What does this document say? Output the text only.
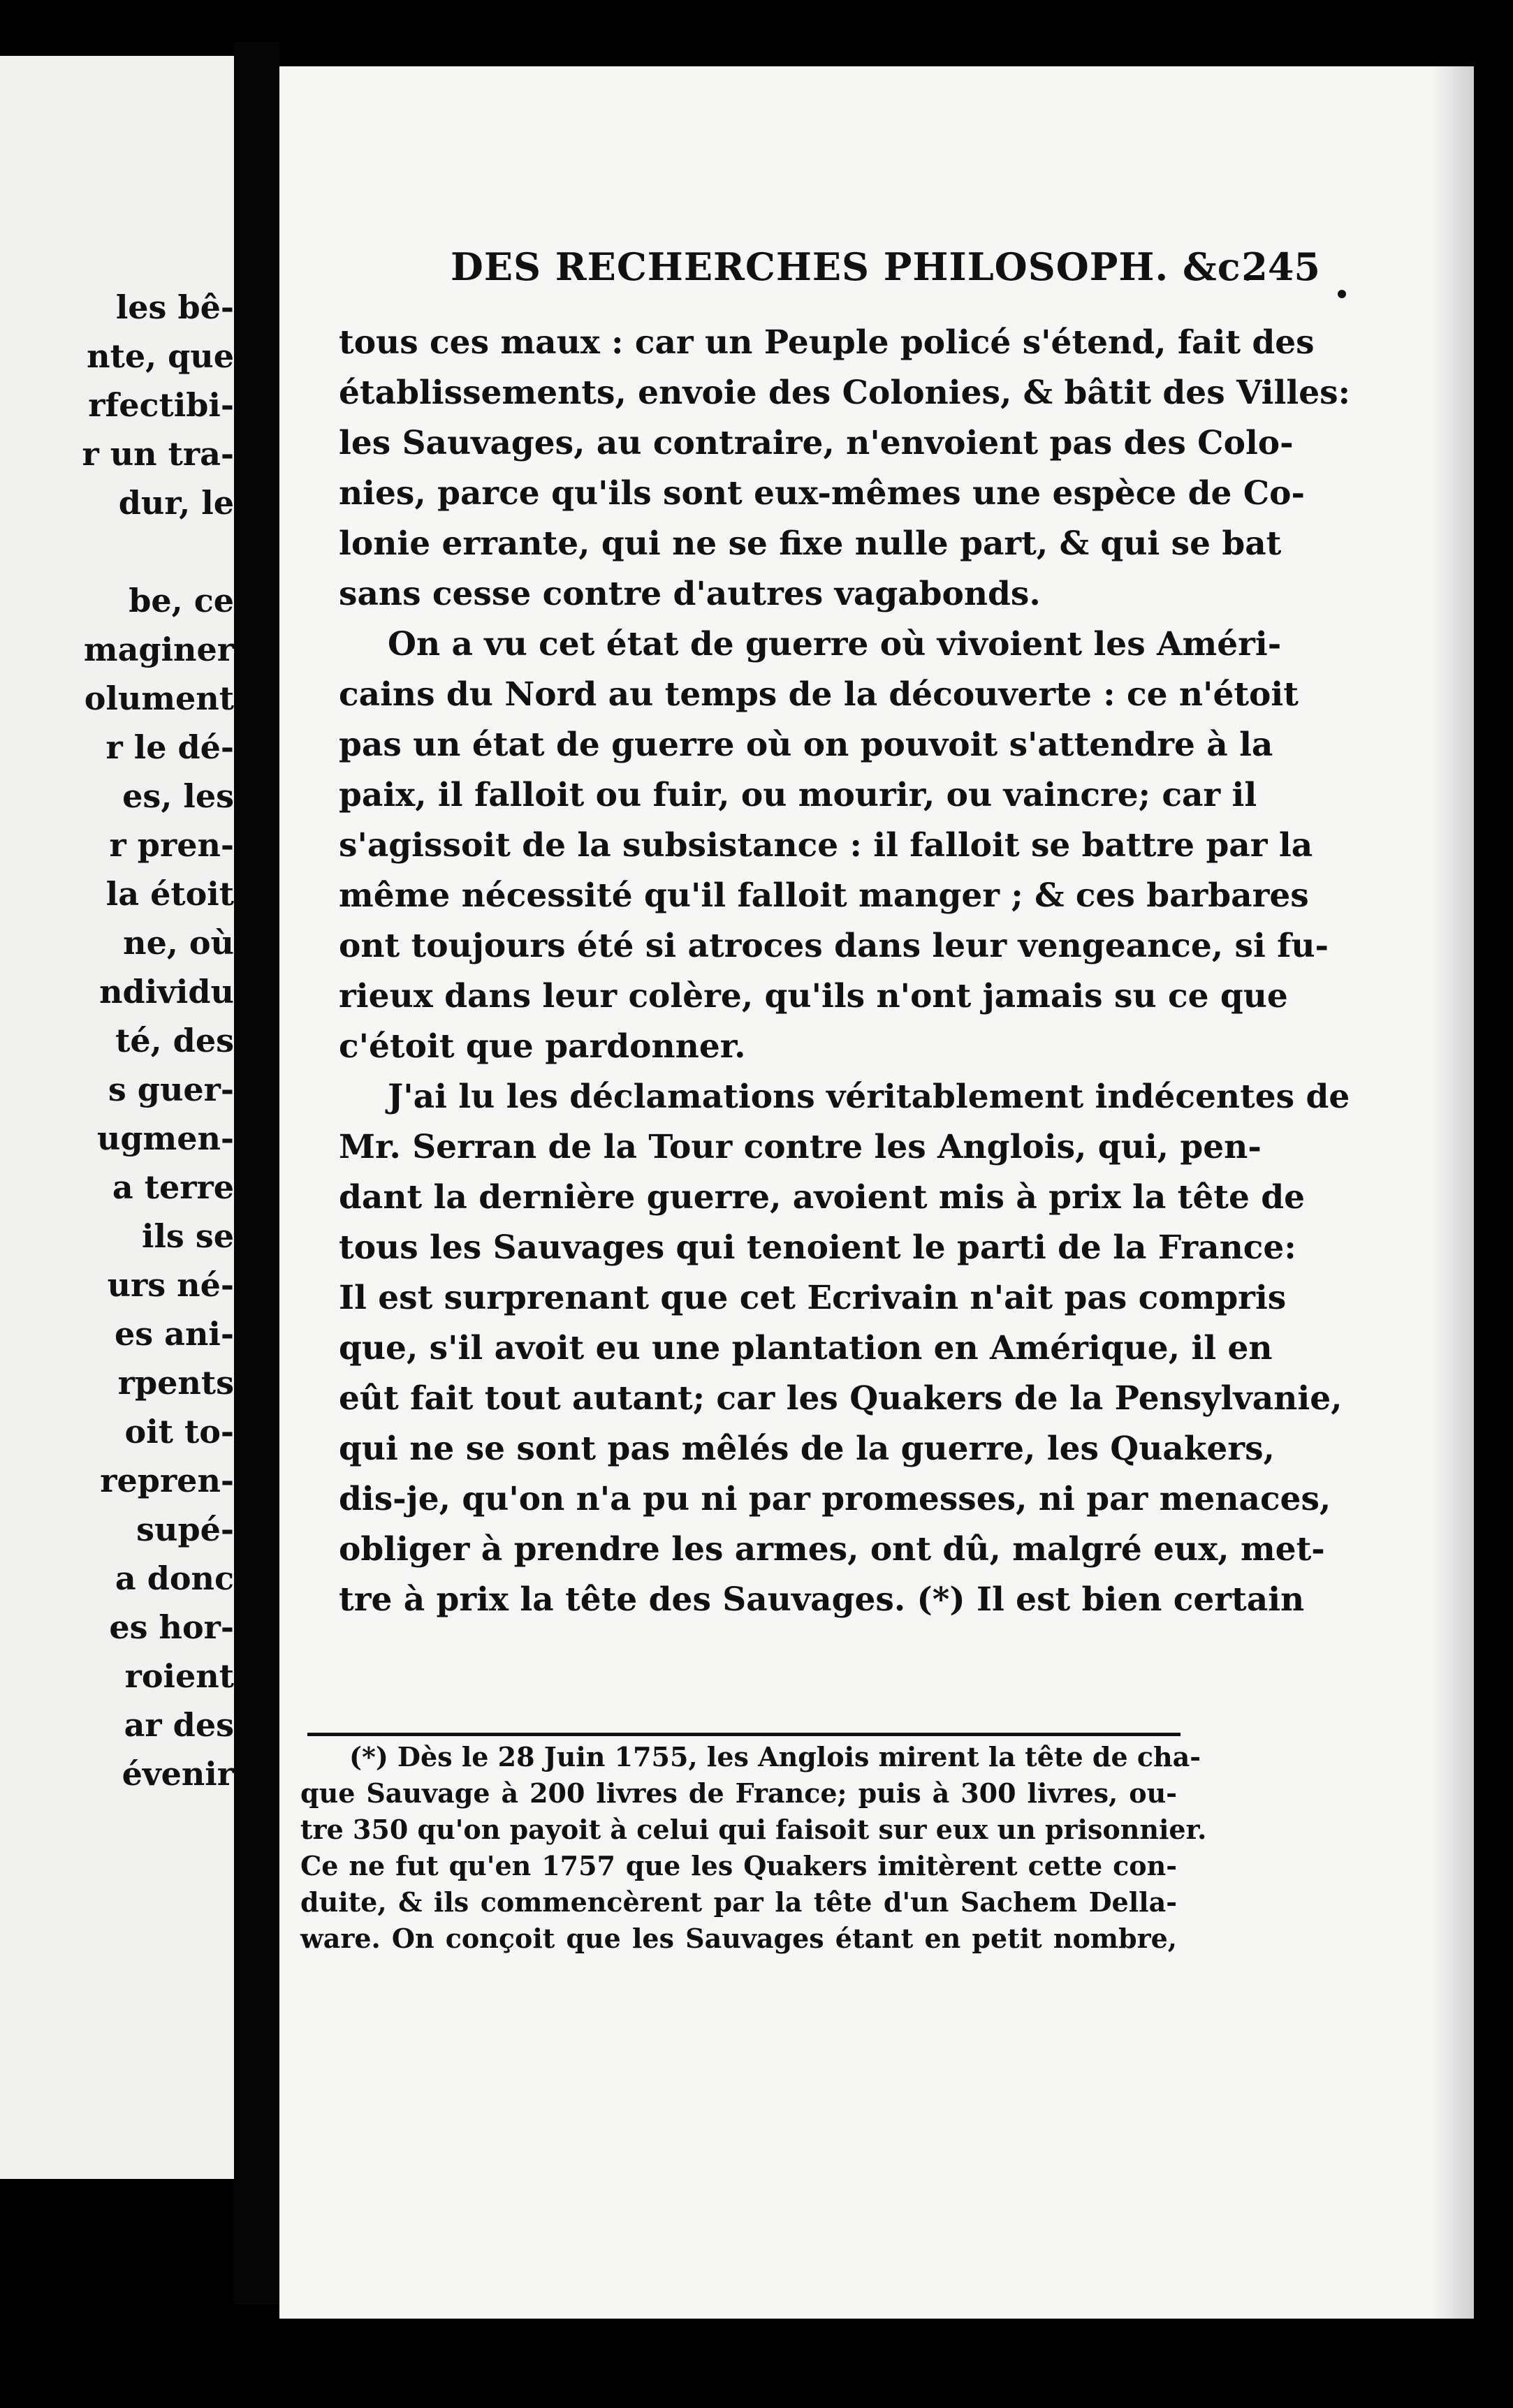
les bê-
nte, que
rfectibi-
r un tra-
dur, le
be, ce
maginer
olument
r le dé-
es, les
r pren-
la étoit
ne, où
ndividu
té, des
s guer-
ugmen-
a terre
ils se
urs né-
es ani-
rpents
oit to-
repren-
supé-
a donc
es hor-
roient
ar des
évenir
DES RECHERCHES PHILOSOPH. &c.
245
tous ces maux : car un Peuple policé s'étend, fait des
établissements, envoie des Colonies, & bâtit des Villes:
les Sauvages, au contraire, n'envoient pas des Colo-
nies, parce qu'ils sont eux-mêmes une espèce de Co-
lonie errante, qui ne se fixe nulle part, & qui se bat
sans cesse contre d'autres vagabonds.
On a vu cet état de guerre où vivoient les Améri-
cains du Nord au temps de la découverte : ce n'étoit
pas un état de guerre où on pouvoit s'attendre à la
paix, il falloit ou fuir, ou mourir, ou vaincre; car il
s'agissoit de la subsistance : il falloit se battre par la
même nécessité qu'il falloit manger ; & ces barbares
ont toujours été si atroces dans leur vengeance, si fu-
rieux dans leur colère, qu'ils n'ont jamais su ce que
c'étoit que pardonner.
J'ai lu les déclamations véritablement indécentes de
Mr. Serran de la Tour contre les Anglois, qui, pen-
dant la dernière guerre, avoient mis à prix la tête de
tous les Sauvages qui tenoient le parti de la France:
Il est surprenant que cet Ecrivain n'ait pas compris
que, s'il avoit eu une plantation en Amérique, il en
eût fait tout autant; car les Quakers de la Pensylvanie,
qui ne se sont pas mêlés de la guerre, les Quakers,
dis-je, qu'on n'a pu ni par promesses, ni par menaces,
obliger à prendre les armes, ont dû, malgré eux, met-
tre à prix la tête des Sauvages. (*) Il est bien certain
(*) Dès le 28 Juin 1755, les Anglois mirent la tête de cha-
que Sauvage à 200 livres de France; puis à 300 livres, ou-
tre 350 qu'on payoit à celui qui faisoit sur eux un prisonnier.
Ce ne fut qu'en 1757 que les Quakers imitèrent cette con-
duite, & ils commencèrent par la tête d'un Sachem Della-
ware. On conçoit que les Sauvages étant en petit nombre,
